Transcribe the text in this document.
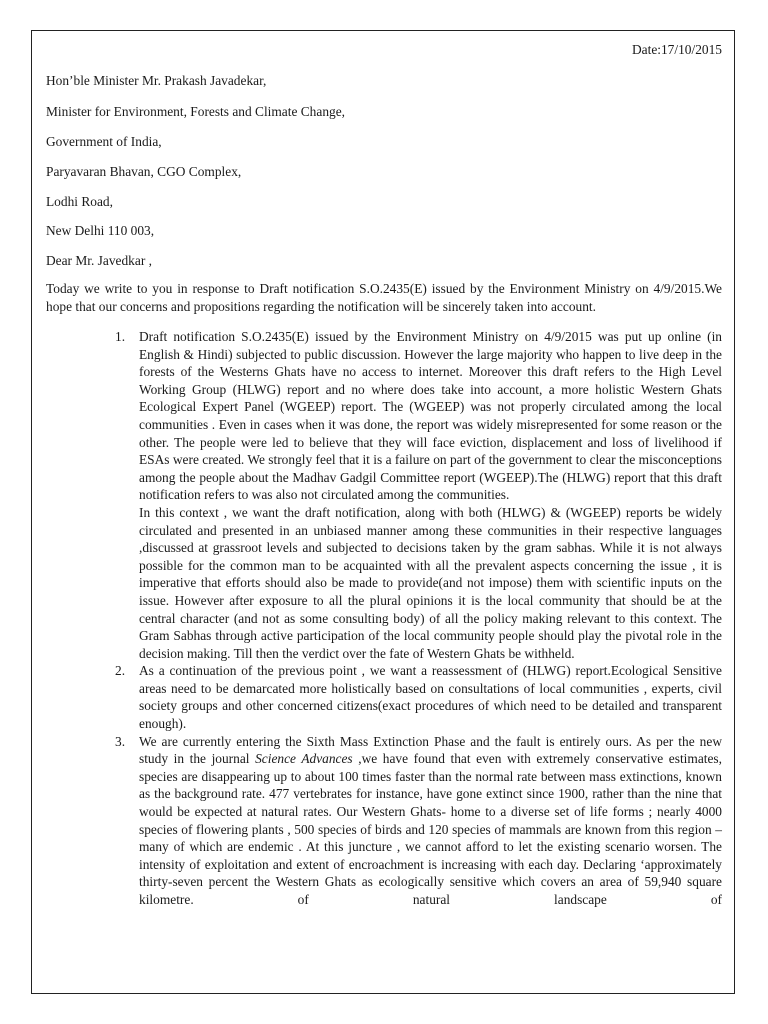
Date:17/10/2015
Hon’ble Minister Mr. Prakash Javadekar,
Minister for Environment, Forests and Climate Change,
Government of India,
Paryavaran Bhavan, CGO Complex,
Lodhi Road,
New Delhi 110 003,
Dear Mr. Javedkar ,

Today we write to you in response to Draft notification S.O.2435(E) issued by the Environment Ministry on 4/9/2015.We hope that our concerns and propositions regarding the notification will be sincerely taken into account.

1. Draft notification S.O.2435(E) issued by the Environment Ministry on 4/9/2015 was put up online (in English & Hindi) subjected to public discussion. However the large majority who happen to live deep in the forests of the Westerns Ghats have no access to internet. Moreover this draft refers to the High Level Working Group (HLWG) report and no where does take into account, a more holistic Western Ghats Ecological Expert Panel (WGEEP) report. The (WGEEP) was not properly circulated among the local communities . Even in cases when it was done, the report was widely misrepresented for some reason or the other. The people were led to believe that they will face eviction, displacement and loss of livelihood if ESAs were created. We strongly feel that it is a failure on part of the government to clear the misconceptions among the people about the Madhav Gadgil Committee report (WGEEP).The (HLWG) report that this draft notification refers to was also not circulated among the communities.

In this context , we want the draft notification, along with both (HLWG) & (WGEEP) reports be widely circulated and presented in an unbiased manner among these communities in their respective languages ,discussed at grassroot levels and subjected to decisions taken by the gram sabhas. While it is not always possible for the common man to be acquainted with all the prevalent aspects concerning the issue , it is imperative that efforts should also be made to provide(and not impose) them with scientific inputs on the issue. However after exposure to all the plural opinions it is the local community that should be at the central character (and not as some consulting body) of all the policy making relevant to this context. The Gram Sabhas through active participation of the local community people should play the pivotal role in the decision making. Till then the verdict over the fate of Western Ghats be withheld.

2. As a continuation of the previous point , we want a reassessment of (HLWG) report.Ecological Sensitive areas need to be demarcated more holistically based on consultations of local communities , experts, civil society groups and other concerned citizens(exact procedures of which need to be detailed and transparent enough).

3. We are currently entering the Sixth Mass Extinction Phase and the fault is entirely ours. As per the new study in the journal Science Advances ,we have found that even with extremely conservative estimates, species are disappearing up to about 100 times faster than the normal rate between mass extinctions, known as the background rate. 477 vertebrates for instance, have gone extinct since 1900, rather than the nine that would be expected at natural rates. Our Western Ghats- home to a diverse set of life forms ; nearly 4000 species of flowering plants , 500 species of birds and 120 species of mammals are known from this region – many of which are endemic . At this juncture , we cannot afford to let the existing scenario worsen. The intensity of exploitation and extent of encroachment is increasing with each day. Declaring ‘approximately thirty-seven percent the Western Ghats as ecologically sensitive which covers an area of 59,940 square kilometre. of natural landscape of
